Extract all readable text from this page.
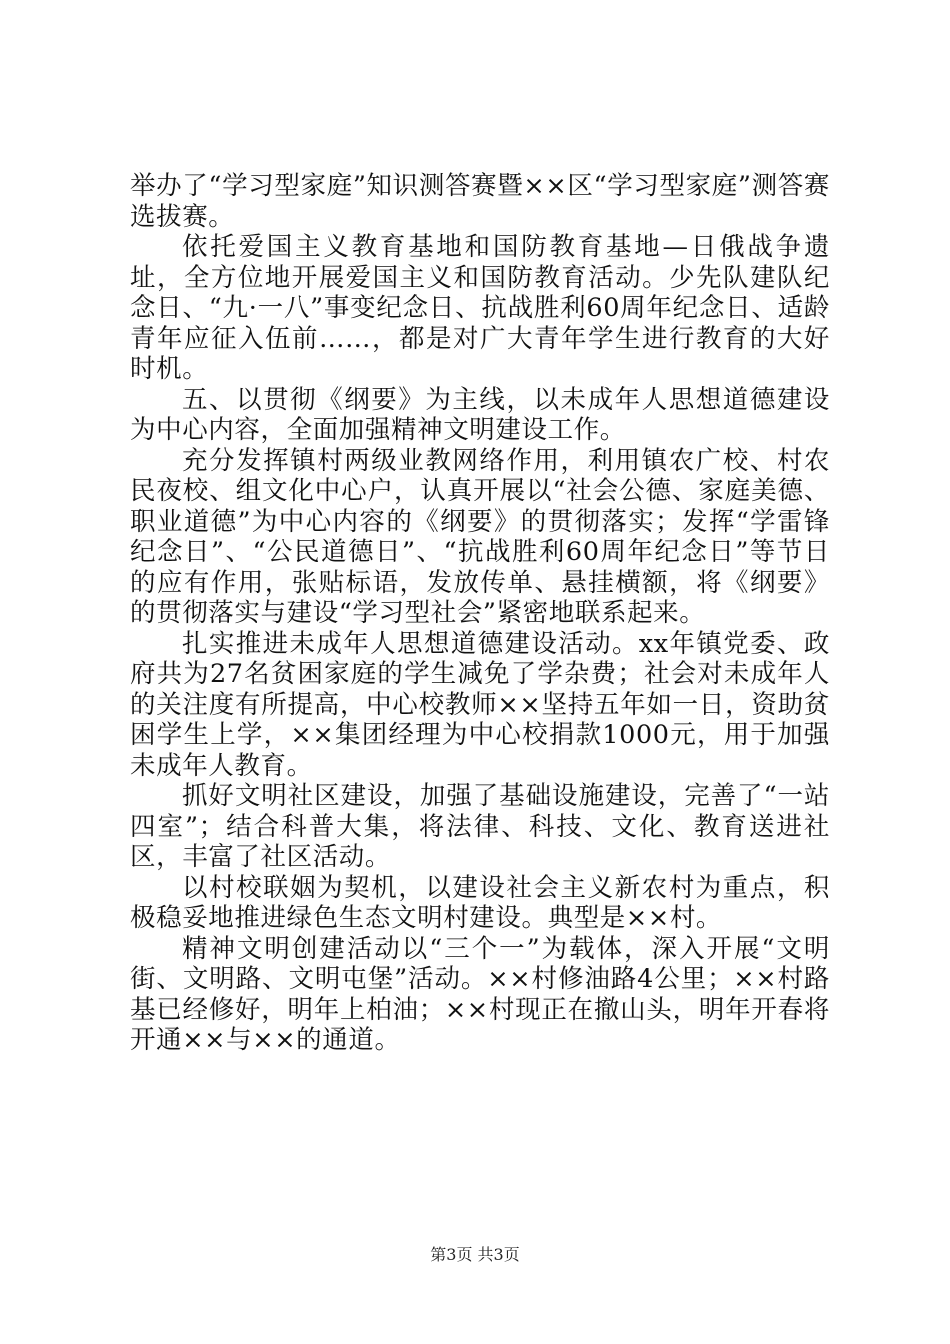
举办了“学习型家庭”知识测答赛暨××区“学习型家庭”测答赛选拔赛。

依托爱国主义教育基地和国防教育基地—日俄战争遗址，全方位地开展爱国主义和国防教育活动。少先队建队纪念日、“九·一八”事变纪念日、抗战胜利60周年纪念日、适龄青年应征入伍前……，都是对广大青年学生进行教育的大好时机。

五、以贯彻《纲要》为主线，以未成年人思想道德建设为中心内容，全面加强精神文明建设工作。

充分发挥镇村两级业教网络作用，利用镇农广校、村农民夜校、组文化中心户，认真开展以“社会公德、家庭美德、职业道德”为中心内容的《纲要》的贯彻落实；发挥“学雷锋纪念日”、“公民道德日”、“抗战胜利60周年纪念日”等节日的应有作用，张贴标语，发放传单、悬挂横额，将《纲要》的贯彻落实与建设“学习型社会”紧密地联系起来。

扎实推进未成年人思想道德建设活动。xx年镇党委、政府共为27名贫困家庭的学生减免了学杂费；社会对未成年人的关注度有所提高，中心校教师××坚持五年如一日，资助贫困学生上学，××集团经理为中心校捐款1000元，用于加强未成年人教育。

抓好文明社区建设，加强了基础设施建设，完善了“一站四室”；结合科普大集，将法律、科技、文化、教育送进社区，丰富了社区活动。

以村校联姻为契机，以建设社会主义新农村为重点，积极稳妥地推进绿色生态文明村建设。典型是××村。

精神文明创建活动以“三个一”为载体，深入开展“文明街、文明路、文明屯堡”活动。××村修油路4公里；××村路基已经修好，明年上柏油；××村现正在撤山头，明年开春将开通××与××的通道。

第3页 共3页
